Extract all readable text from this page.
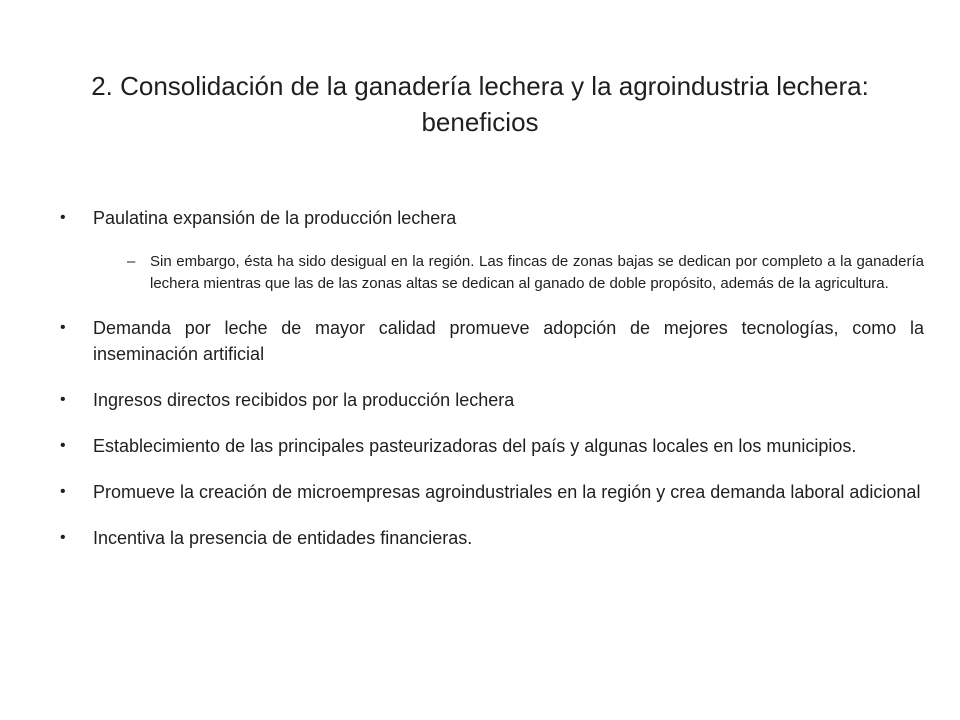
2. Consolidación de la ganadería lechera y la agroindustria lechera: beneficios
•	Paulatina expansión de la producción lechera
– Sin embargo, ésta ha sido desigual en la región. Las fincas de zonas bajas se dedican por completo a la ganadería lechera mientras que las de las zonas altas se dedican al ganado de doble propósito, además de la agricultura.
•	Demanda por leche de mayor calidad promueve adopción de mejores tecnologías, como la inseminación artificial
•	Ingresos directos recibidos por la producción lechera
•	Establecimiento de las principales pasteurizadoras del país y algunas locales en los municipios.
•	Promueve la creación de microempresas agroindustriales en la región y crea demanda laboral adicional
•	Incentiva la presencia de entidades financieras.
